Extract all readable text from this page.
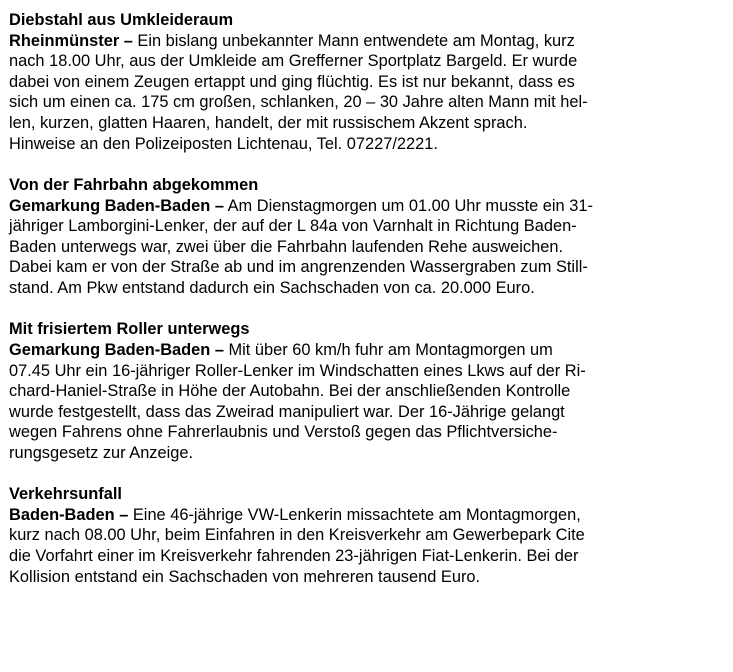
Diebstahl aus Umkleideraum

Rheinmünster – Ein bislang unbekannter Mann entwendete am Montag, kurz

nach 18.00 Uhr, aus der Umkleide am Grefferner Sportplatz Bargeld. Er wurde

dabei von einem Zeugen ertappt und ging flüchtig. Es ist nur bekannt, dass es

sich um einen ca. 175 cm großen, schlanken, 20 – 30 Jahre alten Mann mit hel-

len, kurzen, glatten Haaren, handelt, der mit russischem Akzent sprach.

Hinweise an den Polizeiposten Lichtenau, Tel. 07227/2221.

Von der Fahrbahn abgekommen

Gemarkung Baden-Baden – Am Dienstagmorgen um 01.00 Uhr musste ein 31-

jähriger Lamborgini-Lenker, der auf der L 84a von Varnhalt in Richtung Baden-

Baden unterwegs war, zwei über die Fahrbahn laufenden Rehe ausweichen.

Dabei kam er von der Straße ab und im angrenzenden Wassergraben zum Still-

stand. Am Pkw entstand dadurch ein Sachschaden von ca. 20.000 Euro.

Mit frisiertem Roller unterwegs

Gemarkung Baden-Baden – Mit über 60 km/h fuhr am Montagmorgen um

07.45 Uhr ein 16-jähriger Roller-Lenker im Windschatten eines Lkws auf der Ri-

chard-Haniel-Straße in Höhe der Autobahn. Bei der anschließenden Kontrolle

wurde festgestellt, dass das Zweirad manipuliert war. Der 16-Jährige gelangt

wegen Fahrens ohne Fahrerlaubnis und Verstoß gegen das Pflichtversiche-

rungsgesetz zur Anzeige.

Verkehrsunfall

Baden-Baden – Eine 46-jährige VW-Lenkerin missachtete am Montagmorgen,

kurz nach 08.00 Uhr, beim Einfahren in den Kreisverkehr am Gewerbepark Cite

die Vorfahrt einer im Kreisverkehr fahrenden 23-jährigen Fiat-Lenkerin. Bei der

Kollision entstand ein Sachschaden von mehreren tausend Euro.
